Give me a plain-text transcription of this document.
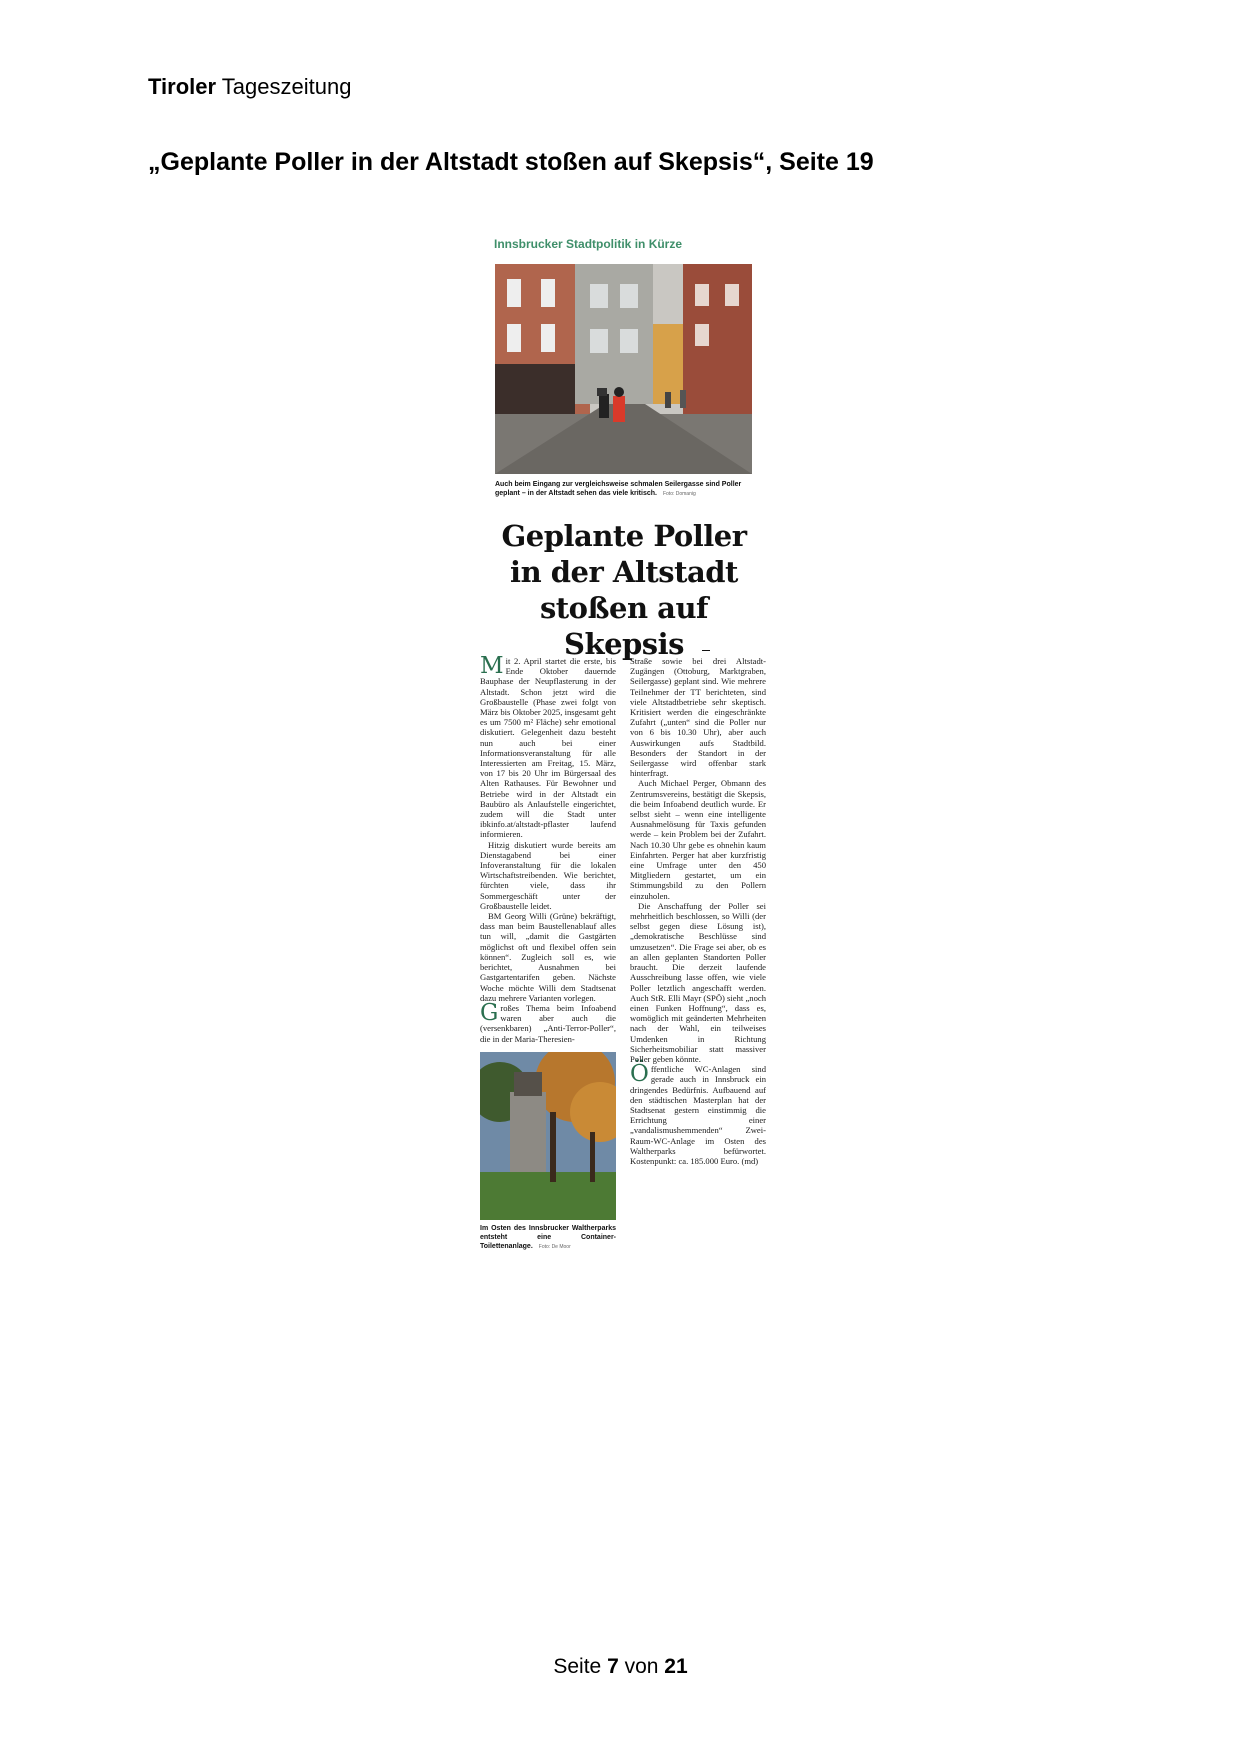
Tiroler Tageszeitung
„Geplante Poller in der Altstadt stoßen auf Skepsis“, Seite 19
Innsbrucker Stadtpolitik in Kürze
Auch beim Eingang zur vergleichsweise schmalen Seilergasse sind Poller geplant – in der Altstadt sehen das viele kritisch. Foto: Domanig
Geplante Poller
in der Altstadt
stoßen auf Skepsis

Mit 2. April startet die erste, bis Ende Oktober dauernde Bauphase der Neupflasterung in der Altstadt. Schon jetzt wird die Großbaustelle (Phase zwei folgt von März bis Oktober 2025, insgesamt geht es um 7500 m² Fläche) sehr emotional diskutiert. Gelegenheit dazu besteht nun auch bei einer Informationsveranstaltung für alle Interessierten am Freitag, 15. März, von 17 bis 20 Uhr im Bürgersaal des Alten Rathauses. Für Bewohner und Betriebe wird in der Altstadt ein Baubüro als Anlaufstelle eingerichtet, zudem will die Stadt unter ibkinfo.at/altstadt-pflaster laufend informieren.

Hitzig diskutiert wurde bereits am Dienstagabend bei einer Infoveranstaltung für die lokalen Wirtschaftstreibenden. Wie berichtet, fürchten viele, dass ihr Sommergeschäft unter der Großbaustelle leidet.

BM Georg Willi (Grüne) bekräftigt, dass man beim Baustellenablauf alles tun will, „damit die Gastgärten möglichst oft und flexibel offen sein können“. Zugleich soll es, wie berichtet, Ausnahmen bei Gastgartentarifen geben. Nächste Woche möchte Willi dem Stadtsenat dazu mehrere Varianten vorlegen.

Großes Thema beim Infoabend waren aber auch die (versenkbaren) „Anti-Terror-Poller“, die in der Maria-Theresien-

Im Osten des Innsbrucker Waltherparks entsteht eine Container-Toilettenanlage. Foto: De Moor

Straße sowie bei drei Altstadt-Zugängen (Ottoburg, Marktgraben, Seilergasse) geplant sind. Wie mehrere Teilnehmer der TT berichteten, sind viele Altstadtbetriebe sehr skeptisch. Kritisiert werden die eingeschränkte Zufahrt („unten“ sind die Poller nur von 6 bis 10.30 Uhr), aber auch Auswirkungen aufs Stadtbild. Besonders der Standort in der Seilergasse wird offenbar stark hinterfragt.

Auch Michael Perger, Obmann des Zentrumsvereins, bestätigt die Skepsis, die beim Infoabend deutlich wurde. Er selbst sieht – wenn eine intelligente Ausnahmelösung für Taxis gefunden werde – kein Problem bei der Zufahrt. Nach 10.30 Uhr gebe es ohnehin kaum Einfahrten. Perger hat aber kurzfristig eine Umfrage unter den 450 Mitgliedern gestartet, um ein Stimmungsbild zu den Pollern einzuholen.

Die Anschaffung der Poller sei mehrheitlich beschlossen, so Willi (der selbst gegen diese Lösung ist), „demokratische Beschlüsse sind umzusetzen“. Die Frage sei aber, ob es an allen geplanten Standorten Poller braucht. Die derzeit laufende Ausschreibung lasse offen, wie viele Poller letztlich angeschafft werden. Auch StR. Elli Mayr (SPÖ) sieht „noch einen Funken Hoffnung“, dass es, womöglich mit geänderten Mehrheiten nach der Wahl, ein teilweises Umdenken in Richtung Sicherheitsmobiliar statt massiver Poller geben könnte.

Öffentliche WC-Anlagen sind gerade auch in Innsbruck ein dringendes Bedürfnis. Aufbauend auf den städtischen Masterplan hat der Stadtsenat gestern einstimmig die Errichtung einer „vandalismushemmenden“ Zwei-Raum-WC-Anlage im Osten des Waltherparks befürwortet. Kostenpunkt: ca. 185.000 Euro. (md)

Seite 7 von 21
